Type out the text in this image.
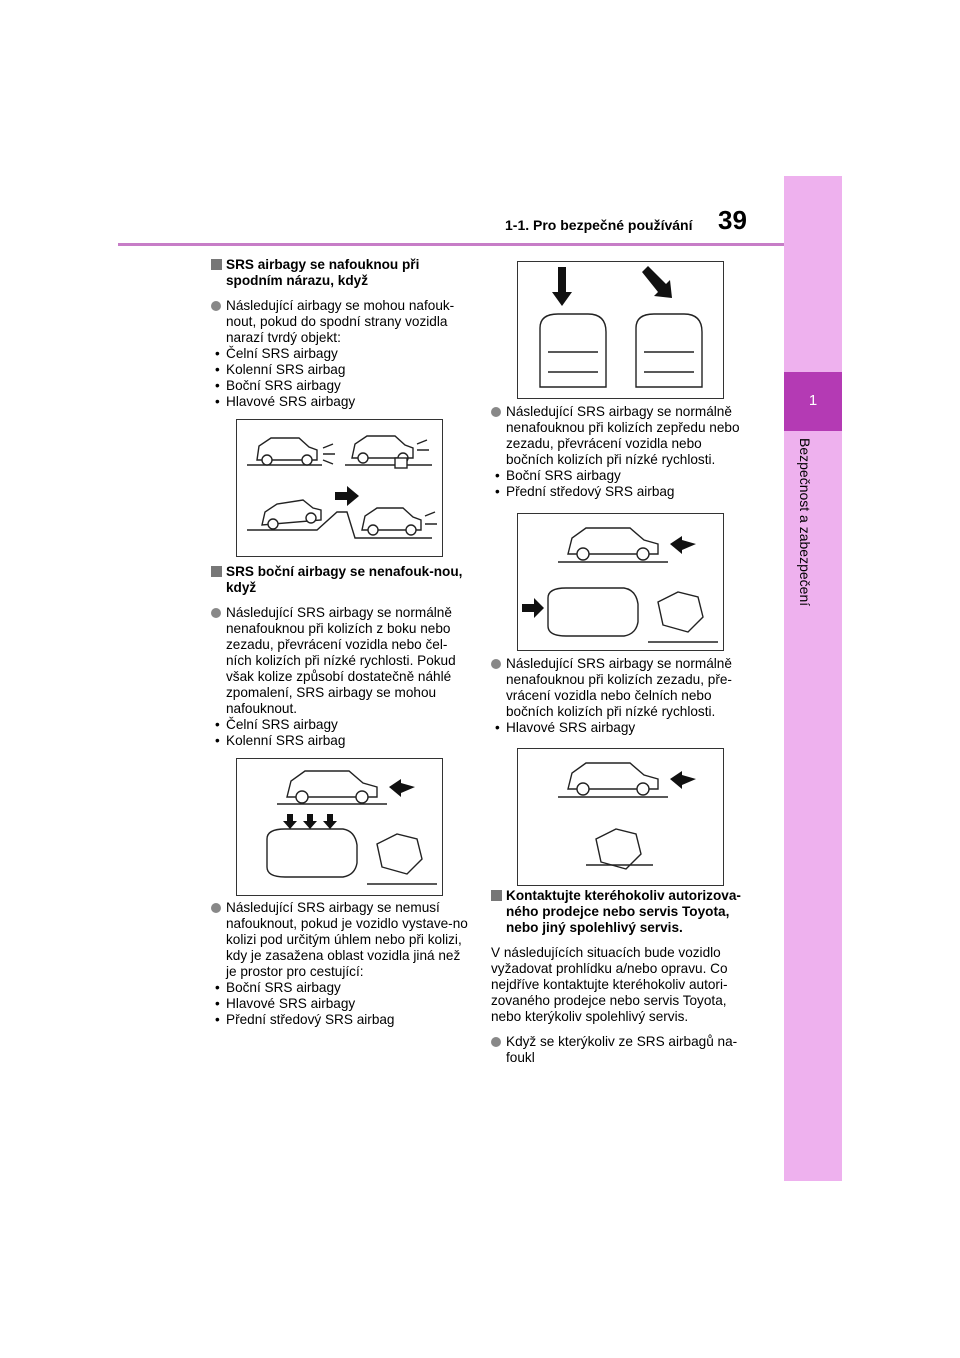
1-1. Pro bezpečné používání 39
1
Bezpečnost a zabezpečení
SRS airbagy se nafouknou při spodním nárazu, když
Následující airbagy se mohou nafouk-nout, pokud do spodní strany vozidla narazí tvrdý objekt:
• Čelní SRS airbagy
• Kolenní SRS airbag
• Boční SRS airbagy
• Hlavové SRS airbagy
SRS boční airbagy se nenafouk-nou, když
Následující SRS airbagy se normálně nenafouknou při kolizích z boku nebo zezadu, převrácení vozidla nebo čel-ních kolizích při nízké rychlosti. Pokud však kolize způsobí dostatečně náhlé zpomalení, SRS airbagy se mohou nafouknout.
• Čelní SRS airbagy
• Kolenní SRS airbag
Následující SRS airbagy se nemusí nafouknout, pokud je vozidlo vystave-no kolizi pod určitým úhlem nebo při kolizi, kdy je zasažena oblast vozidla jiná než je prostor pro cestující:
• Boční SRS airbagy
• Hlavové SRS airbagy
• Přední středový SRS airbag
Následující SRS airbagy se normálně nenafouknou při kolizích zepředu nebo zezadu, převrácení vozidla nebo bočních kolizích při nízké rychlosti.
• Boční SRS airbagy
• Přední středový SRS airbag
Následující SRS airbagy se normálně nenafouknou při kolizích zezadu, pře-vrácení vozidla nebo čelních nebo bočních kolizích při nízké rychlosti.
• Hlavové SRS airbagy
Kontaktujte kteréhokoliv autorizova-ného prodejce nebo servis Toyota, nebo jiný spolehlivý servis.
V následujících situacích bude vozidlo vyžadovat prohlídku a/nebo opravu. Co nejdříve kontaktujte kteréhokoliv autori-zovaného prodejce nebo servis Toyota, nebo kterýkoliv spolehlivý servis.
Když se kterýkoliv ze SRS airbagů na-foukl
